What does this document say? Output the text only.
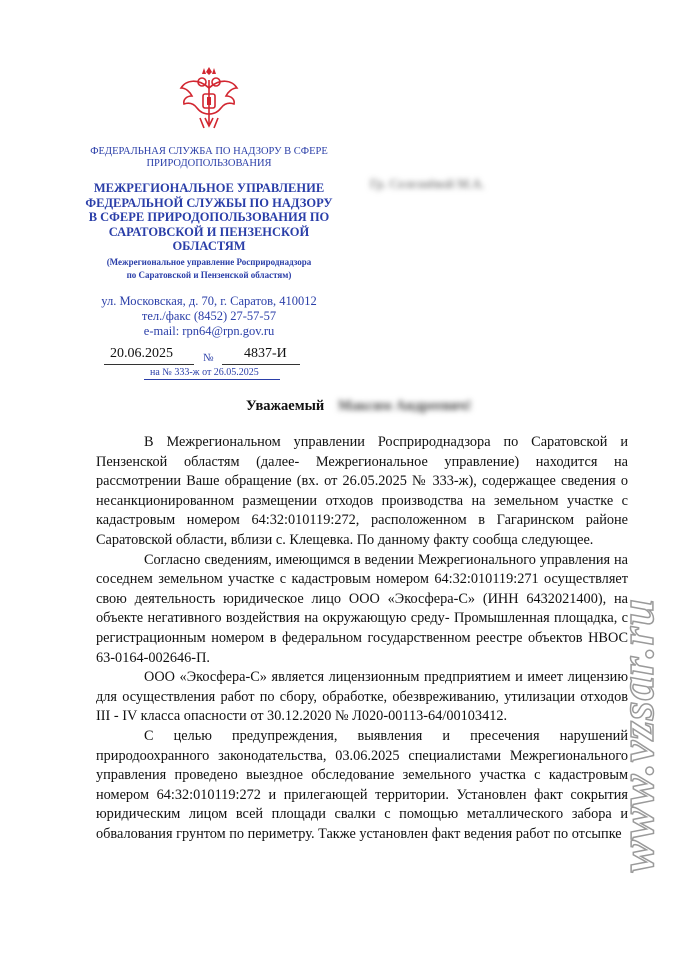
ФЕДЕРАЛЬНАЯ СЛУЖБА ПО НАДЗОРУ В СФЕРЕ ПРИРОДОПОЛЬЗОВАНИЯ
МЕЖРЕГИОНАЛЬНОЕ УПРАВЛЕНИЕ ФЕДЕРАЛЬНОЙ СЛУЖБЫ ПО НАДЗОРУ В СФЕРЕ ПРИРОДОПОЛЬЗОВАНИЯ ПО САРАТОВСКОЙ И ПЕНЗЕНСКОЙ ОБЛАСТЯМ
(Межрегиональное управление Росприроднадзора
по Саратовской и Пензенской областям)
ул. Московская, д. 70, г. Саратов, 410012
тел./факс (8452) 27-57-57
e-mail: rpn64@rpn.gov.ru
20.06.2025	№ 4837-И
на № 333-ж от 26.05.2025
Гр. Селезнёвой М.А.
Уважаемый Максим Андреевич!

В Межрегиональном управлении Росприроднадзора по Саратовской и Пензенской областям (далее- Межрегиональное управление) находится на рассмотрении Ваше обращение (вх. от 26.05.2025 № 333-ж), содержащее сведения о несанкционированном размещении отходов производства на земельном участке с кадастровым номером 64:32:010119:272, расположенном в Гагаринском районе Саратовской области, вблизи с. Клещевка. По данному факту сообща следующее.

Согласно сведениям, имеющимся в ведении Межрегионального управления на соседнем земельном участке с кадастровым номером 64:32:010119:271 осуществляет свою деятельность юридическое лицо ООО «Экосфера-С» (ИНН 6432021400), на объекте негативного воздействия на окружающую среду- Промышленная площадка, с регистрационным номером в федеральном государственном реестре объектов НВОС 63-0164-002646-П.

ООО «Экосфера-С» является лицензионным предприятием и имеет лицензию для осуществления работ по сбору, обработке, обезвреживанию, утилизации отходов III - IV класса опасности от 30.12.2020 № Л020-00113-64/00103412.

С целью предупреждения, выявления и пресечения нарушений природоохранного законодательства, 03.06.2025 специалистами Межрегионального управления проведено выездное обследование земельного участка с кадастровым номером 64:32:010119:272 и прилегающей территории. Установлен факт сокрытия юридическим лицом всей площади свалки с помощью металлического забора и обвалования грунтом по периметру. Также установлен факт ведения работ по отсыпке

www.vzsar.ru
